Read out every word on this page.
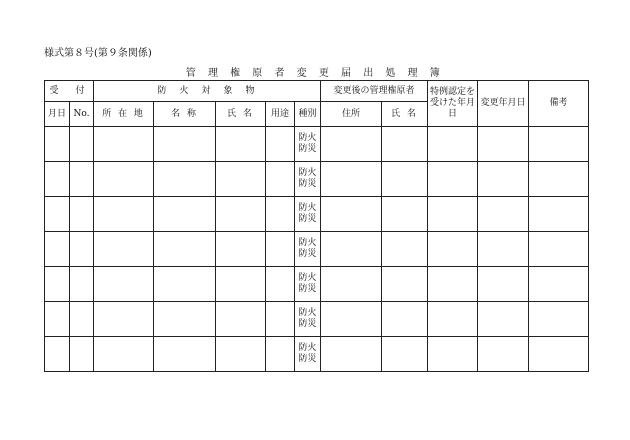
様式第８号(第９条関係)
管 理 権 原 者 変 更 届 出 処 理 簿
受　付		防　火　対　象　物					変更後の管理権原者		特例認定を受けた年月日	変更年月日	備考
月日	No.	所 在 地	名 称	氏 名	用途	種別	住所	氏 名			

						防火
防災					

						防火
防災					

						防火
防災					

						防火
防災					

						防火
防災					

						防火
防災					

						防火
防災					
